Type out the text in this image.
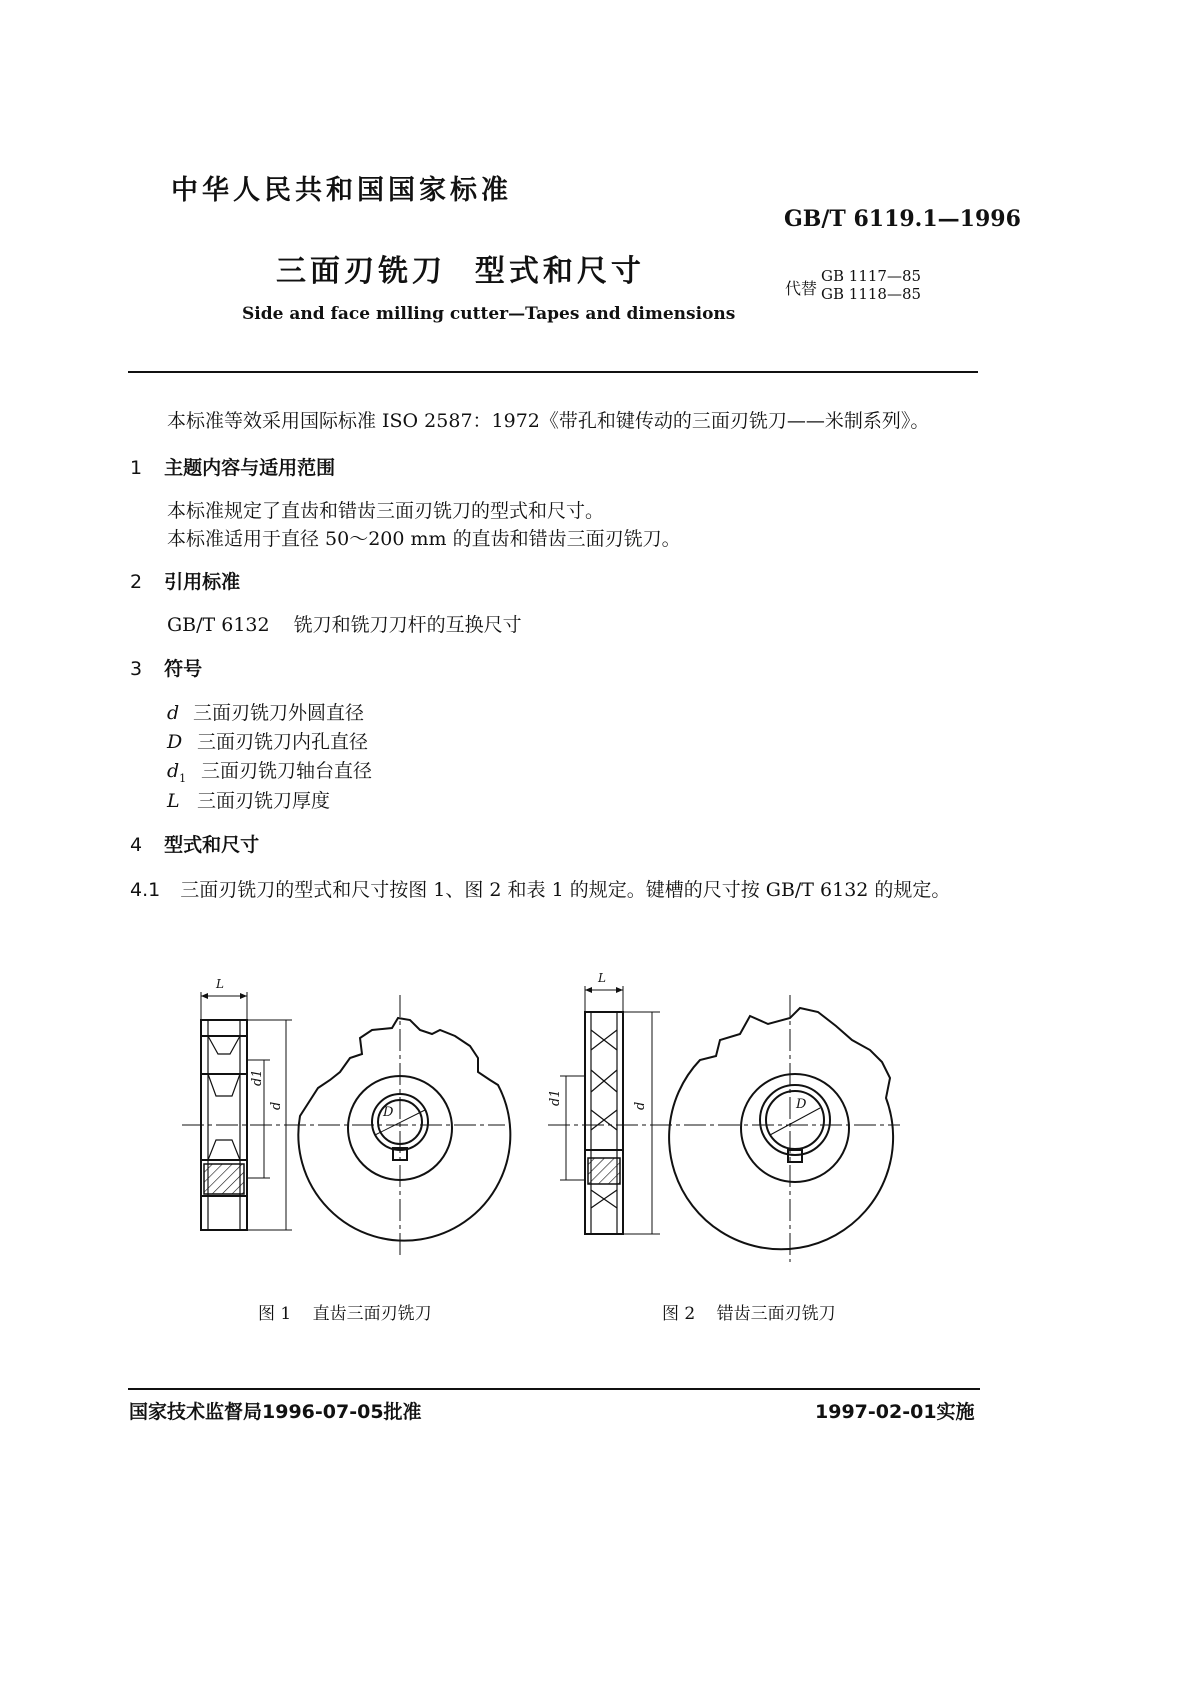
中华人民共和国国家标准
GB/T 6119.1—1996
三面刃铣刀  型式和尺寸	代替
GB 1117—85
GB 1118—85
Side and face milling cutter—Tapes and dimensions
本标准等效采用国际标准 ISO 2587：1972《带孔和键传动的三面刃铣刀——米制系列》。
1 主题内容与适用范围
本标准规定了直齿和错齿三面刃铣刀的型式和尺寸。
本标准适用于直径 50～200 mm 的直齿和错齿三面刃铣刀。
2 引用标准
GB/T 6132 铣刀和铣刀刀杆的互换尺寸
3 符号
d 三面刃铣刀外圆直径
D 三面刃铣刀内孔直径
$d_1$ 三面刃铣刀轴台直径
L 三面刃铣刀厚度
4 型式和尺寸
4.1 三面刃铣刀的型式和尺寸按图 1、图 2 和表 1 的规定。键槽的尺寸按 GB/T 6132 的规定。
L
d1
d	D
L
d1	d	D
图 1 直齿三面刃铣刀	图 2 错齿三面刃铣刀
国家技术监督局1996-07-05批准	1997-02-01实施
